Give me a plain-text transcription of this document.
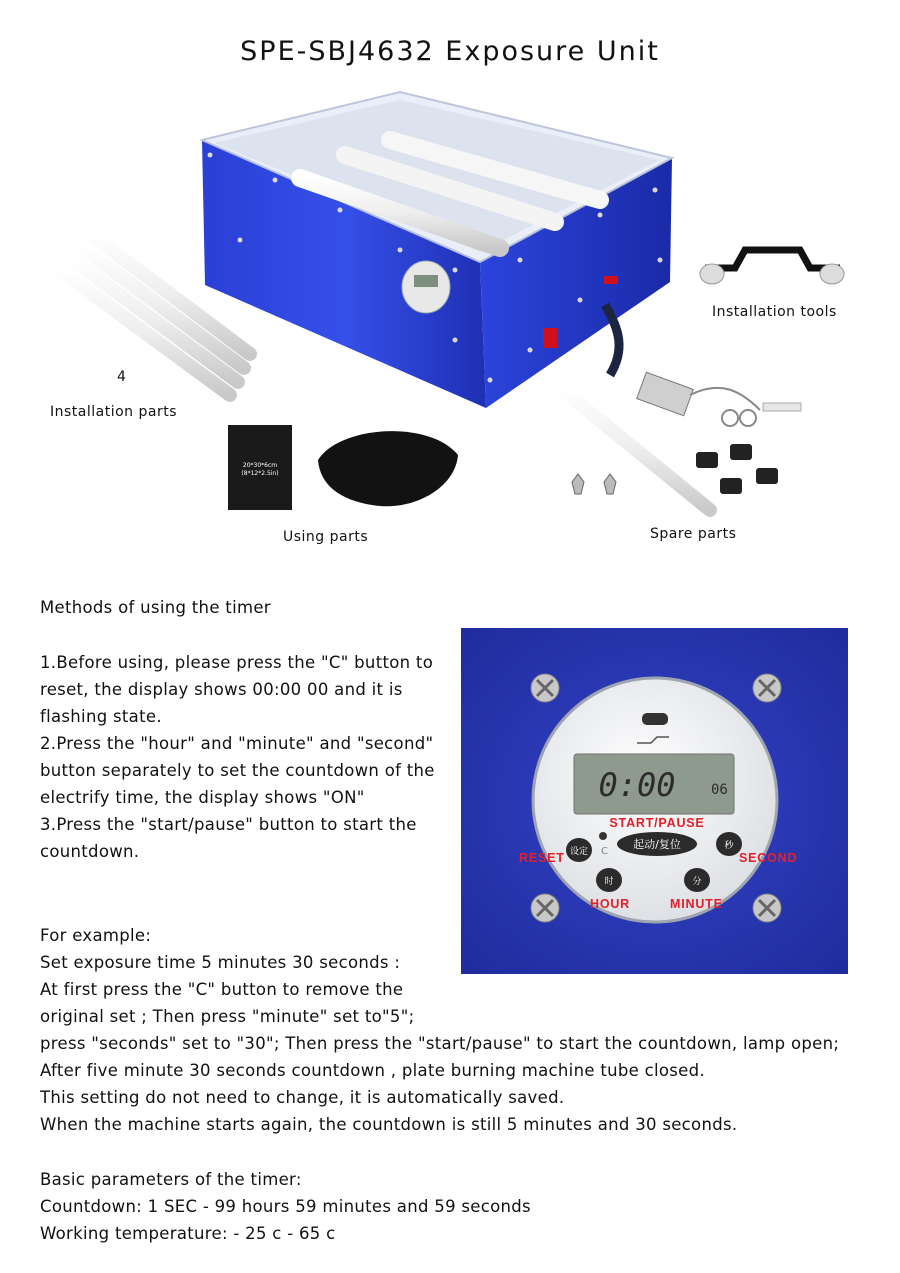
SPE-SBJ4632 Exposure Unit
20*30*6cm
(8*12*2.5in)
Installation tools
4
Installation parts
Using parts	Spare parts
Methods of using the timer
1.Before using, please press the "C" button to
reset, the display shows 00:00 00 and it is
flashing state.
2.Press the "hour" and "minute" and "second"
button separately to set the countdown of the
electrify time, the display shows "ON"
3.Press the "start/pause" button to start the
countdown.
0:00	06
START/PAUSE
起动/复位
C
设定
秒
时	分
RESET	SECOND
HOUR	MINUTE
For example:
Set exposure time 5 minutes 30 seconds :
At first press the "C" button to remove the
original set ; Then press "minute" set to"5";
press "seconds" set to "30"; Then press the "start/pause" to start the countdown, lamp open;
After five minute 30 seconds countdown , plate burning machine tube closed.
This setting do not need to change, it is automatically saved.
When the machine starts again, the countdown is still 5 minutes and 30 seconds.
Basic parameters of the timer:
Countdown: 1 SEC - 99 hours 59 minutes and 59 seconds
Working temperature: - 25 c - 65 c
